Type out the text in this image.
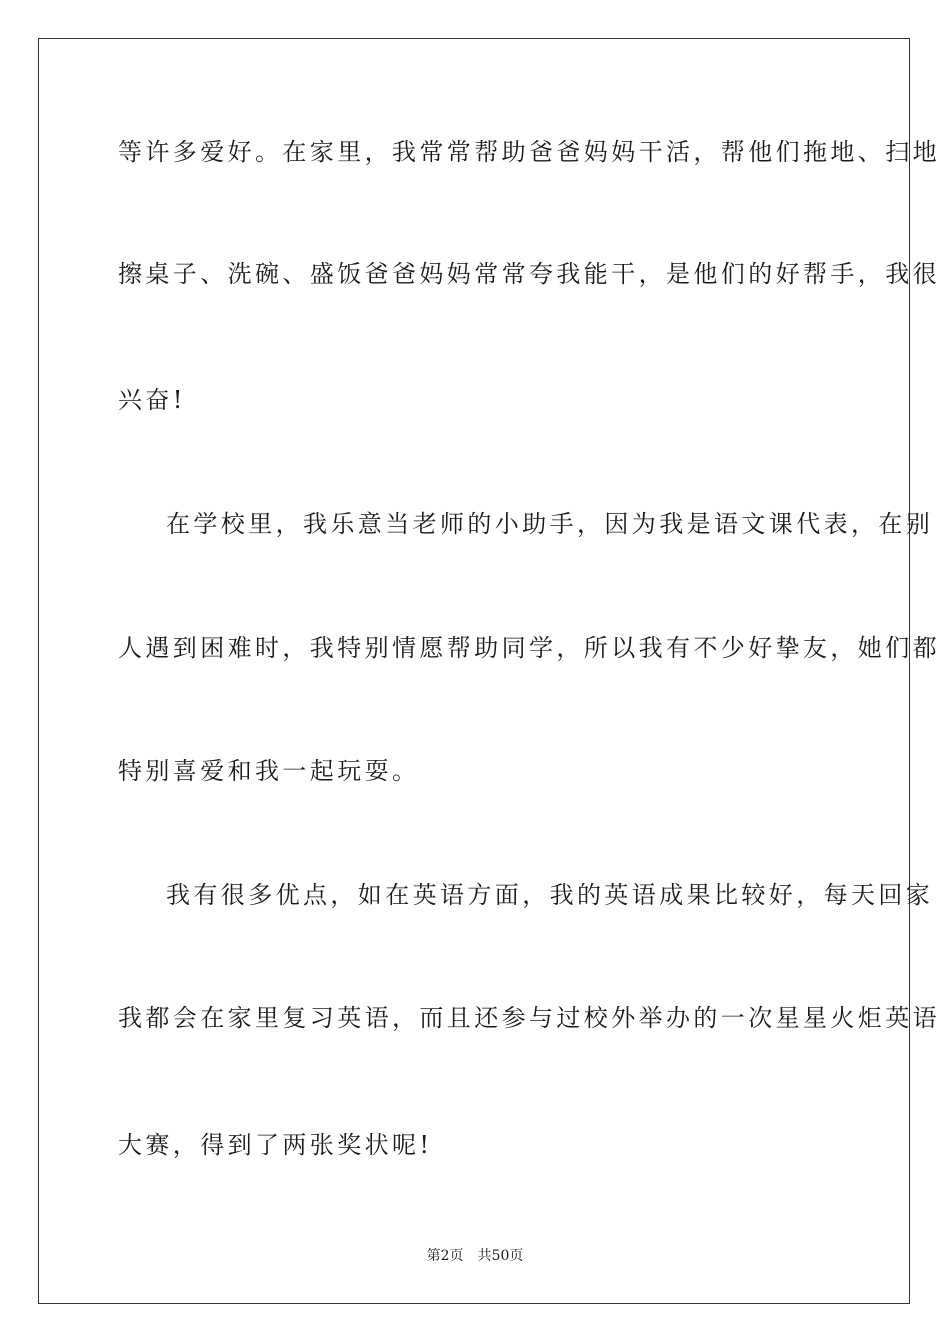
等许多爱好。在家里，我常常帮助爸爸妈妈干活，帮他们拖地、扫地
擦桌子、洗碗、盛饭爸爸妈妈常常夸我能干，是他们的好帮手，我很
兴奋!
在学校里，我乐意当老师的小助手，因为我是语文课代表，在别
人遇到困难时，我特别情愿帮助同学，所以我有不少好挚友，她们都
特别喜爱和我一起玩耍。
我有很多优点，如在英语方面，我的英语成果比较好，每天回家
我都会在家里复习英语，而且还参与过校外举办的一次星星火炬英语
大赛，得到了两张奖状呢!
第2页 共50页
